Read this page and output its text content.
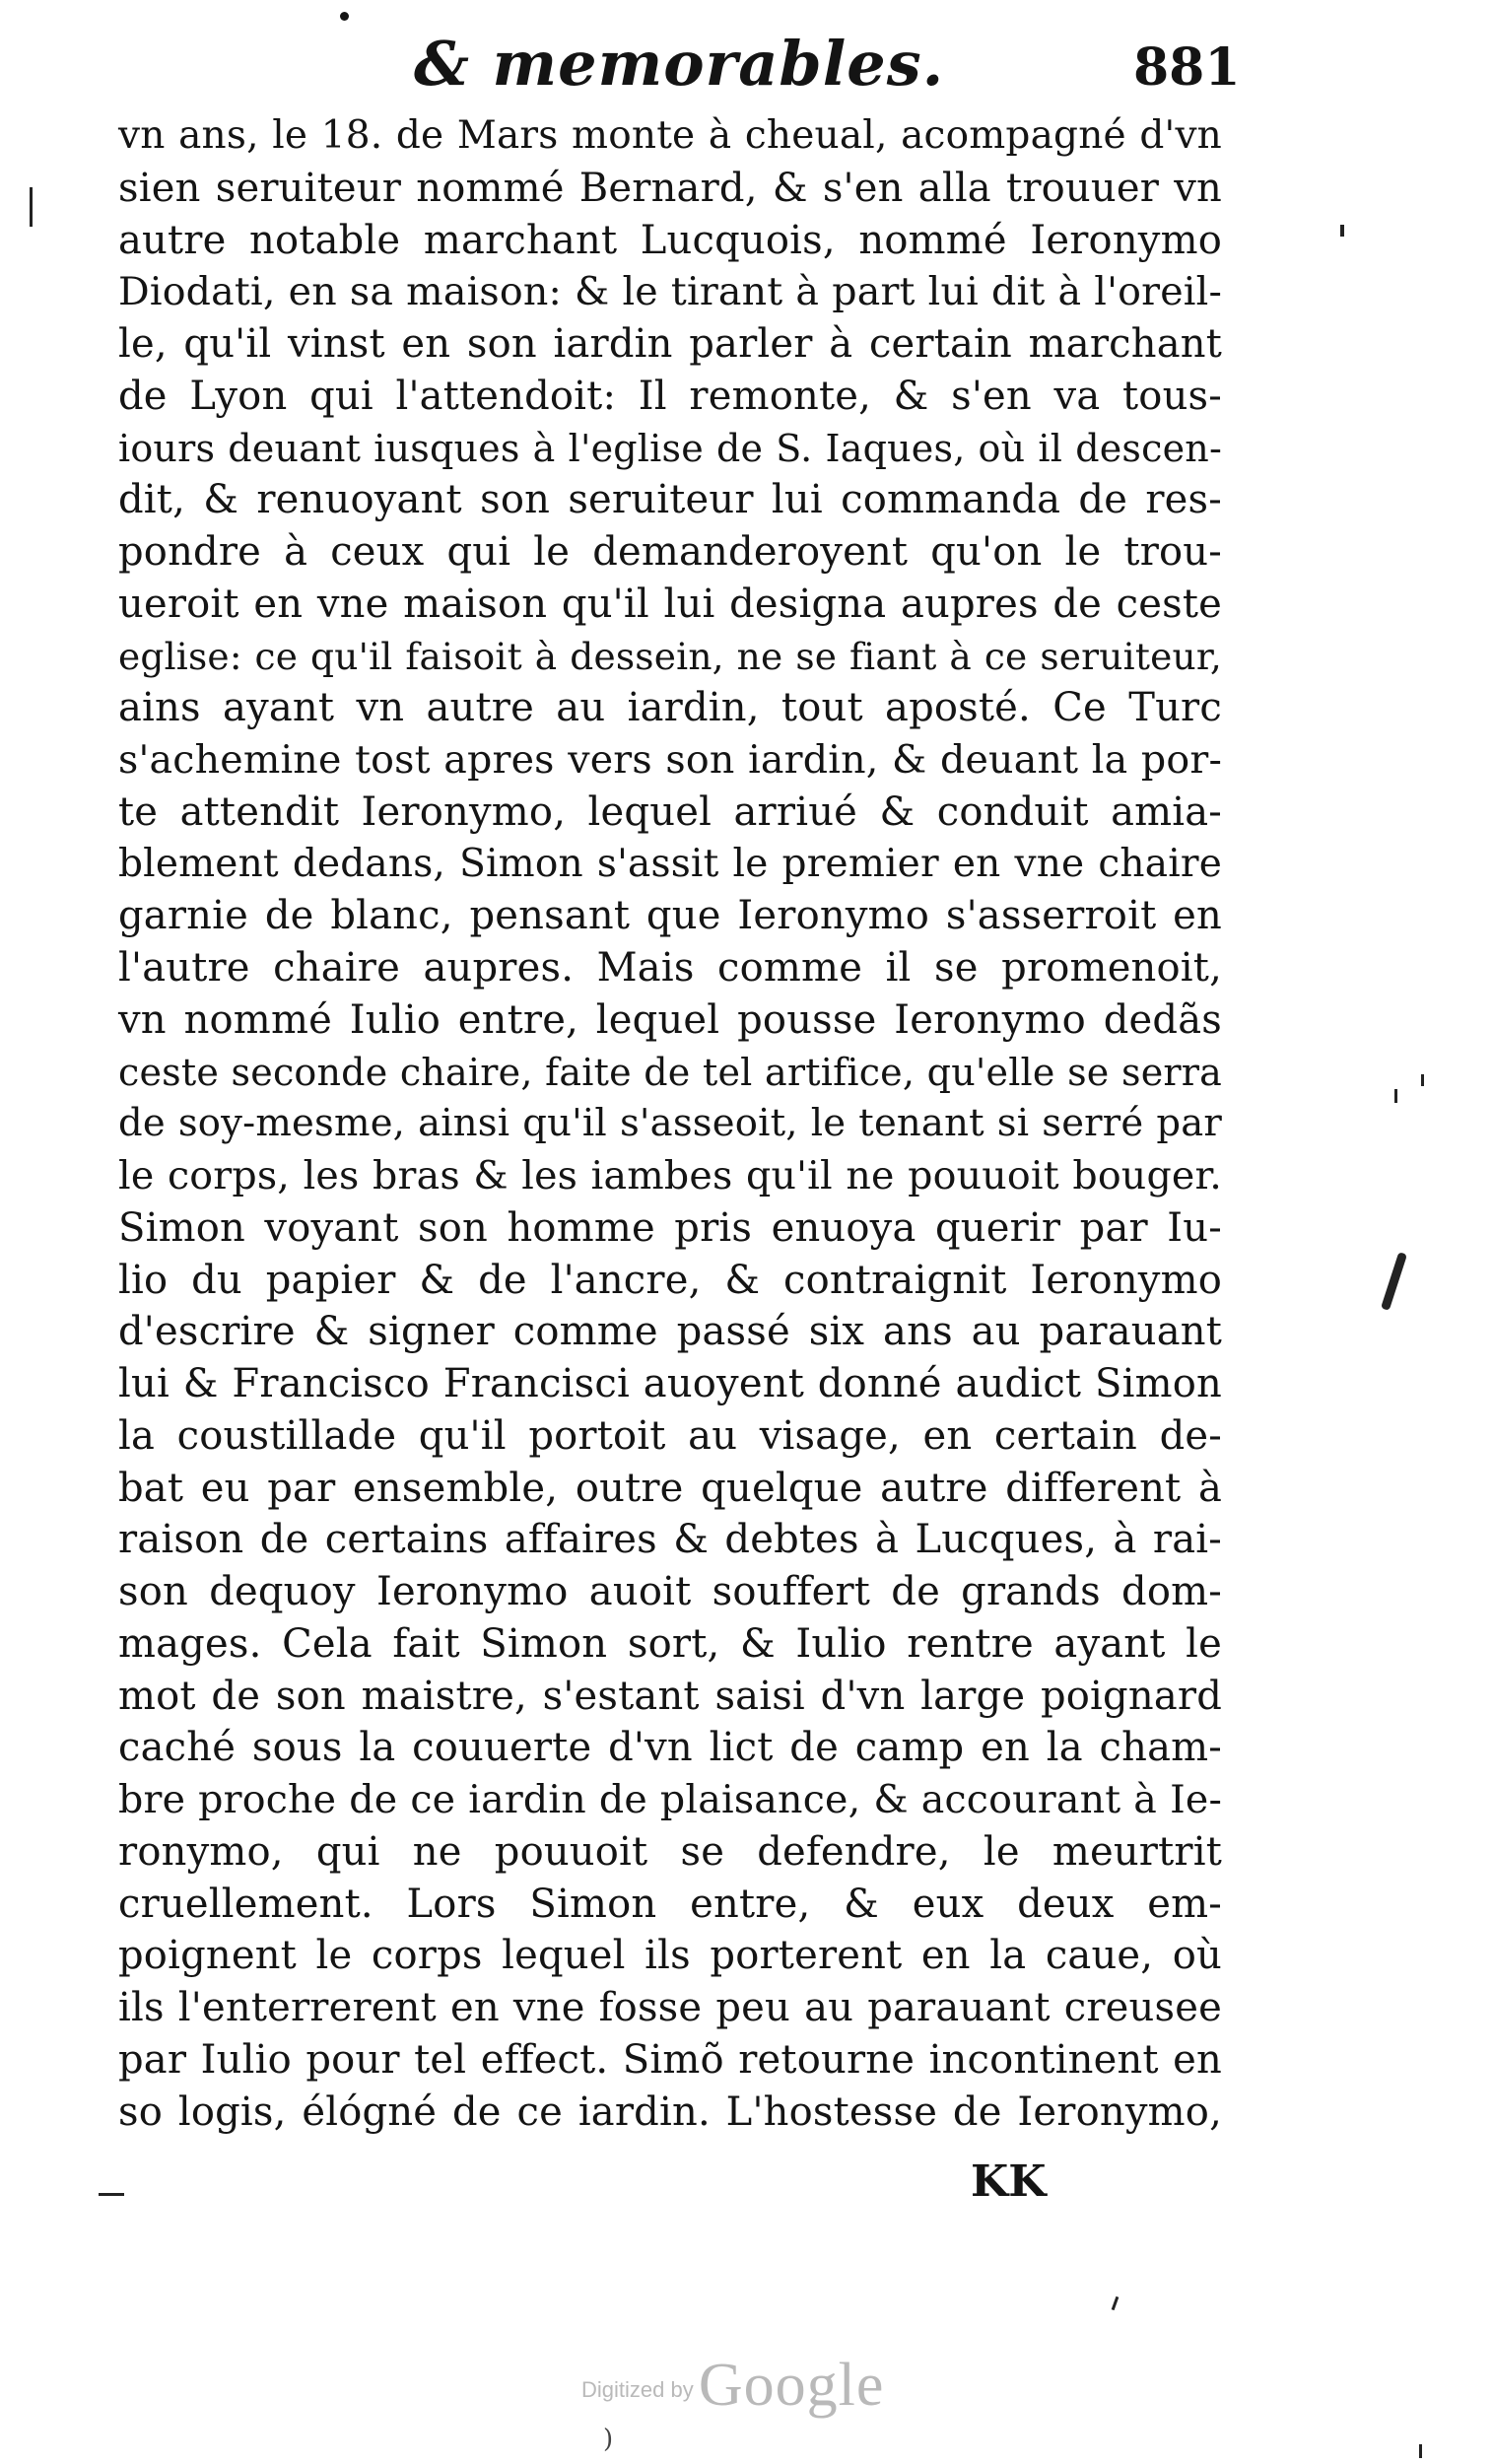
& memorables.	881
vn ans, le 18. de Mars monte à cheual, acompagné d'vn
sien seruiteur nommé Bernard, & s'en alla trouuer vn
autre notable marchant Lucquois, nommé Ieronymo
Diodati, en sa maison: & le tirant à part lui dit à l'oreil-
le, qu'il vinst en son iardin parler à certain marchant
de Lyon qui l'attendoit: Il remonte, & s'en va tous-
iours deuant iusques à l'eglise de S. Iaques, où il descen-
dit, & renuoyant son seruiteur lui commanda de res-
pondre à ceux qui le demanderoyent qu'on le trou-
ueroit en vne maison qu'il lui designa aupres de ceste
eglise: ce qu'il faisoit à dessein, ne se fiant à ce seruiteur,
ains ayant vn autre au iardin, tout aposté. Ce Turc
s'achemine tost apres vers son iardin, & deuant la por-
te attendit Ieronymo, lequel arriué & conduit amia-
blement dedans, Simon s'assit le premier en vne chaire
garnie de blanc, pensant que Ieronymo s'asserroit en
l'autre chaire aupres. Mais comme il se promenoit,
vn nommé Iulio entre, lequel pousse Ieronymo dedãs
ceste seconde chaire, faite de tel artifice, qu'elle se serra
de soy-mesme, ainsi qu'il s'asseoit, le tenant si serré par
le corps, les bras & les iambes qu'il ne pouuoit bouger.
Simon voyant son homme pris enuoya querir par Iu-
lio du papier & de l'ancre, & contraignit Ieronymo
d'escrire & signer comme passé six ans au parauant
lui & Francisco Francisci auoyent donné audict Simon
la coustillade qu'il portoit au visage, en certain de-
bat eu par ensemble, outre quelque autre different à
raison de certains affaires & debtes à Lucques, à rai-
son dequoy Ieronymo auoit souffert de grands dom-
mages. Cela fait Simon sort, & Iulio rentre ayant le
mot de son maistre, s'estant saisi d'vn large poignard
caché sous la couuerte d'vn lict de camp en la cham-
bre proche de ce iardin de plaisance, & accourant à Ie-
ronymo, qui ne pouuoit se defendre, le meurtrit
cruellement. Lors Simon entre, & eux deux em-
poignent le corps lequel ils porterent en la caue, où
ils l'enterrerent en vne fosse peu au parauant creusee
par Iulio pour tel effect. Simõ retourne incontinent en
so logis, élógné de ce iardin. L'hostesse de Ieronymo,
KK
Digitized by Google
)
